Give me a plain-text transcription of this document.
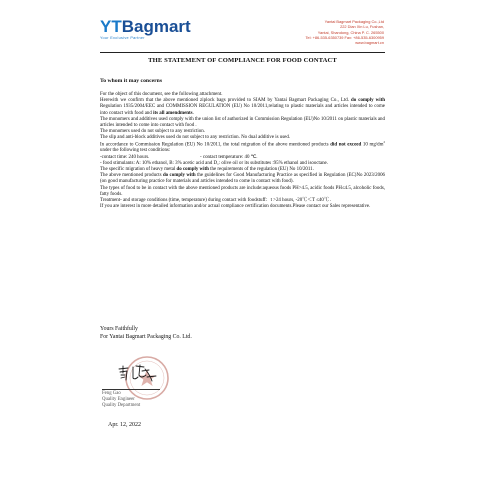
YTBagmart
Your Exclusive Partner
Yantai Bagmart Packaging Co.,Ltd
222 Dian Xin Lu, Fushan,
Yantai, Shandong, China P. C. 265500
Tel: +86-535-6350739 Fax: +86-535-6300959
www.bagmart.cn
THE STATEMENT OF COMPLIANCE FOR FOOD CONTACT
To whom it may concerns

For the object of this document, see the following attachment.

Herewith we confirm that the above mentioned ziplock bags provided to SIAM by Yantai Bagmart Packaging Co., Ltd. do comply with Regulation 1935/2004/EEC and COMMISSION REGULATION (EU) No 10/2011,relating to plastic materials and articles intended to come into contact with food and its all amendments.

The monomers and additives used comply with the union list of authorized in Commission Regulation (EU)No 10/2011 on plastic materials and articles intended to come into contact with food .

The monomers used do not subject to any restriction.

The slip and anti-block additives used do not subject to any restriction. No dual additive is used.

In accordance to Commission Regulation (EU) No 10/2011, the total migration of the above mentioned products did not exceed 10 $mg/dm^2$ under the following test conditions:

-contact time: 240 hours.	- contact temperature: 40 ℃.

- food stimulants: A: 10% ethanol, B: 3% acetic acid and D₁: olive oil or its substitutes :95% ethanol and isooctane.

The specific migration of heavy metal do comply with the requirements of the regulation (EU) No 10/2011.

The above mentioned products do comply with the guidelines for Good Manufacturing Practice as specified in Regulation (EC)No 2023/2006 (on good manufacturing practice for materials and articles intended to come in contact with food).

The types of food to be in contact with the above mentioned products are include:aqueous foods PH>4.5, acidic foods PH≤4.5, alcoholic foods, fatty foods.

Treatment- and storage conditions (time, temperature) during contact with foodstuff：t >24 hours, -20℃＜T ≤40℃ .

If you are interest in more detailed information and/or actual compliance certification documents.Please contact our Sales representative.

Yours Faithfully
For Yantai Bagmart Packaging Co. Ltd.
Feng Gao
Quality Engineer
Quality Department
Apr. 12, 2022
